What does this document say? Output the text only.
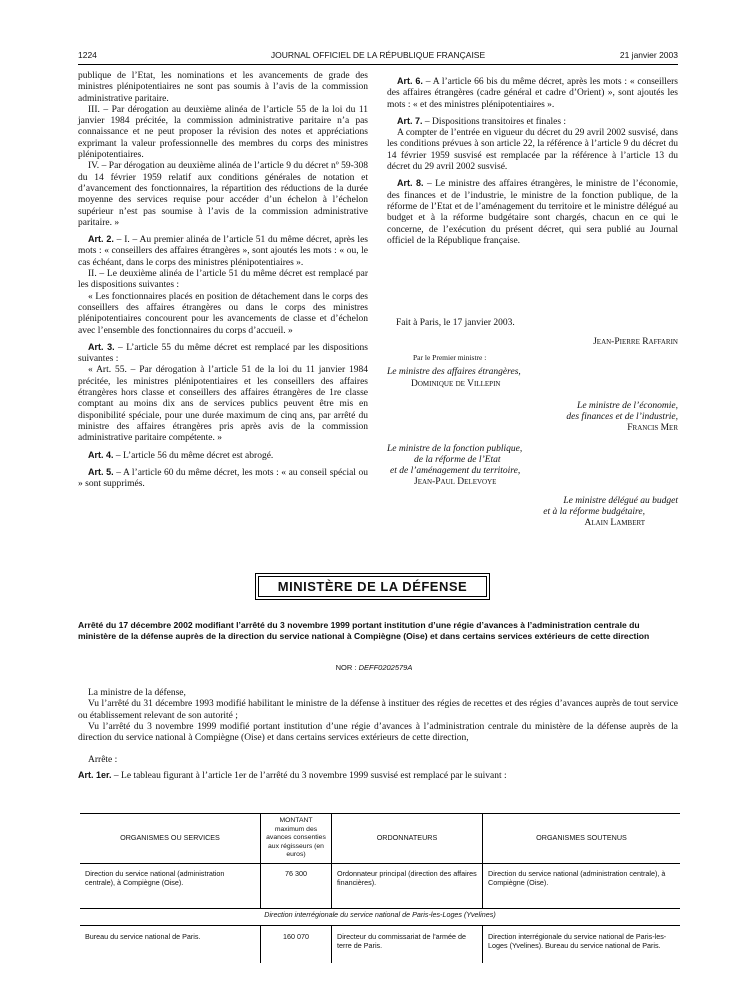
1224	JOURNAL OFFICIEL DE LA RÉPUBLIQUE FRANÇAISE	21 janvier 2003

publique de l’Etat, les nominations et les avancements de grade des ministres plénipotentiaires ne sont pas soumis à l’avis de la commission administrative paritaire.

III. – Par dérogation au deuxième alinéa de l’article 55 de la loi du 11 janvier 1984 précitée, la commission administrative paritaire n’a pas connaissance et ne peut proposer la révision des notes et appréciations exprimant la valeur professionnelle des membres du corps des ministres plénipotentiaires.

IV. – Par dérogation au deuxième alinéa de l’article 9 du décret nº 59-308 du 14 février 1959 relatif aux conditions générales de notation et d’avancement des fonctionnaires, la répartition des réductions de la durée moyenne des services requise pour accéder d’un échelon à l’échelon supérieur n’est pas soumise à l’avis de la commission administrative paritaire. »

Art. 2. – I. – Au premier alinéa de l’article 51 du même décret, après les mots : « conseillers des affaires étrangères », sont ajoutés les mots : « ou, le cas échéant, dans le corps des ministres plénipotentiaires ».

II. – Le deuxième alinéa de l’article 51 du même décret est remplacé par les dispositions suivantes :

« Les fonctionnaires placés en position de détachement dans le corps des conseillers des affaires étrangères ou dans le corps des ministres plénipotentiaires concourent pour les avancements de classe et d’échelon avec l’ensemble des fonctionnaires du corps d’accueil. »

Art. 3. – L’article 55 du même décret est remplacé par les dispositions suivantes :

« Art. 55. – Par dérogation à l’article 51 de la loi du 11 janvier 1984 précitée, les ministres plénipotentiaires et les conseillers des affaires étrangères hors classe et conseillers des affaires étrangères de 1re classe comptant au moins dix ans de services publics peuvent être mis en disponibilité spéciale, pour une durée maximum de cinq ans, par arrêté du ministre des affaires étrangères pris après avis de la commission administrative paritaire compétente. »

Art. 4. – L’article 56 du même décret est abrogé.

Art. 5. – A l’article 60 du même décret, les mots : « au conseil spécial ou » sont supprimés.

Art. 6. – A l’article 66 bis du même décret, après les mots : « conseillers des affaires étrangères (cadre général et cadre d’Orient) », sont ajoutés les mots : « et des ministres plénipotentiaires ».

Art. 7. – Dispositions transitoires et finales :

A compter de l’entrée en vigueur du décret du 29 avril 2002 susvisé, dans les conditions prévues à son article 22, la référence à l’article 9 du décret du 14 février 1959 susvisé est remplacée par la référence à l’article 13 du décret du 29 avril 2002 susvisé.

Art. 8. – Le ministre des affaires étrangères, le ministre de l’économie, des finances et de l’industrie, le ministre de la fonction publique, de la réforme de l’Etat et de l’aménagement du territoire et le ministre délégué au budget et à la réforme budgétaire sont chargés, chacun en ce qui le concerne, de l’exécution du présent décret, qui sera publié au Journal officiel de la République française.

Fait à Paris, le 17 janvier 2003.
Jean-Pierre Raffarin
Par le Premier ministre :
Le ministre des affaires étrangères,
Dominique de Villepin
Le ministre de l’économie,
des finances et de l’industrie,
Francis Mer
Le ministre de la fonction publique,
de la réforme de l’Etat
et de l’aménagement du territoire,
Jean-Paul Delevoye
Le ministre délégué au budget
et à la réforme budgétaire,
Alain Lambert
MINISTÈRE DE LA DÉFENSE
Arrêté du 17 décembre 2002 modifiant l’arrêté du 3 novembre 1999 portant institution d’une régie d’avances à l’administration centrale du ministère de la défense auprès de la direction du service national à Compiègne (Oise) et dans certains services extérieurs de cette direction
NOR : DEFF0202579A

La ministre de la défense,

Vu l’arrêté du 31 décembre 1993 modifié habilitant le ministre de la défense à instituer des régies de recettes et des régies d’avances auprès de tout service ou établissement relevant de son autorité ;

Vu l’arrêté du 3 novembre 1999 modifié portant institution d’une régie d’avances à l’administration centrale du ministère de la défense auprès de la direction du service national à Compiègne (Oise) et dans certains services extérieurs de cette direction,

Arrête :

Art. 1er. – Le tableau figurant à l’article 1er de l’arrêté du 3 novembre 1999 susvisé est remplacé par le suivant :

ORGANISMES OU SERVICES	MONTANT maximum des avances consenties aux régisseurs (en euros)	ORDONNATEURS	ORGANISMES SOUTENUS
Direction du service national (administration centrale), à Compiègne (Oise).	76 300	Ordonnateur principal (direction des affaires financières).	Direction du service national (administration centrale), à Compiègne (Oise).
Direction interrégionale du service national de Paris-les-Loges (Yvelines)			
Bureau du service national de Paris.	160 070	Directeur du commissariat de l’armée de terre de Paris.	Direction interrégionale du service national de Paris-les-Loges (Yvelines). Bureau du service national de Paris.
